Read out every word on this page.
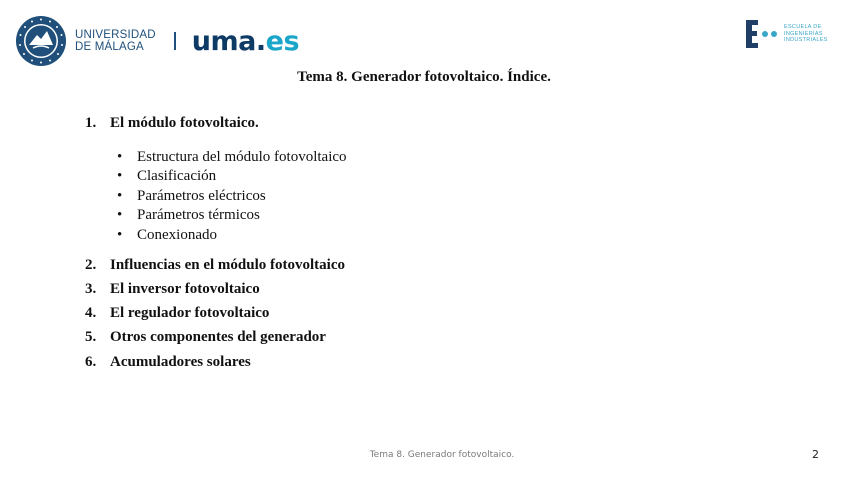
UNIVERSIDAD
DE MÁLAGA	uma.es	ESCUELA DE
INGENIERÍAS
INDUSTRIALES
Tema 8. Generador fotovoltaico. Índice.
1. El módulo fotovoltaico.
• Estructura del módulo fotovoltaico
• Clasificación
• Parámetros eléctricos
• Parámetros térmicos
• Conexionado
2. Influencias en el módulo fotovoltaico
3. El inversor fotovoltaico
4. El regulador fotovoltaico
5. Otros componentes del generador
6. Acumuladores solares
Tema 8. Generador fotovoltaico.	2
